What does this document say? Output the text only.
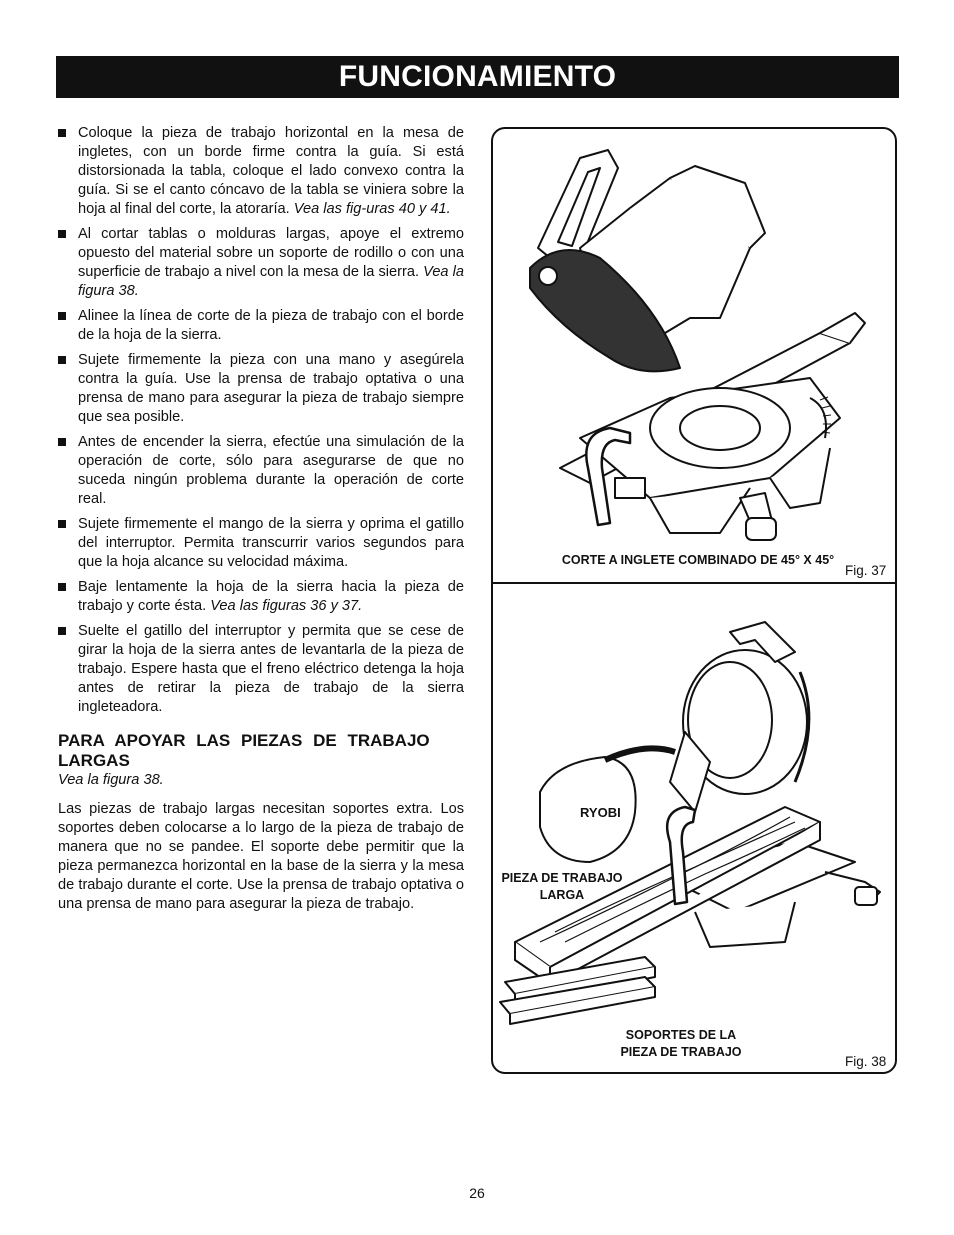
FUNCIONAMIENTO
Coloque la pieza de trabajo horizontal en la mesa de ingletes, con un borde firme contra la guía. Si está distorsionada la tabla, coloque el lado convexo contra la guía. Si se el canto cóncavo de la tabla se viniera sobre la hoja al final del corte, la atoraría. Vea las fig-uras 40 y 41.
Al cortar tablas o molduras largas, apoye el extremo opuesto del material sobre un soporte de rodillo o con una superficie de trabajo a nivel con la mesa de la sierra. Vea la figura 38.
Alinee la línea de corte de la pieza de trabajo con el borde de la hoja de la sierra.
Sujete firmemente la pieza con una mano y asegúrela contra la guía. Use la prensa de trabajo optativa o una prensa de mano para asegurar la pieza de trabajo siempre que sea posible.
Antes de encender la sierra, efectúe una simulación de la operación de corte, sólo para asegurarse de que no suceda ningún problema durante la operación de corte real.
Sujete firmemente el mango de la sierra y oprima el gatillo del interruptor. Permita transcurrir varios segundos para que la hoja alcance su velocidad máxima.
Baje lentamente la hoja de la sierra hacia la pieza de trabajo y corte ésta. Vea las figuras 36 y 37.
Suelte el gatillo del interruptor y permita que se cese de girar la hoja de la sierra antes de levantarla de la pieza de trabajo. Espere hasta que el freno eléctrico detenga la hoja antes de retirar la pieza de trabajo de la sierra ingleteadora.
PARA APOYAR LAS PIEZAS DE TRABAJO LARGAS
Vea la figura 38.

Las piezas de trabajo largas necesitan soportes extra. Los soportes deben colocarse a lo largo de la pieza de trabajo de manera que no se pandee. El soporte debe permitir que la pieza permanezca horizontal en la base de la sierra y la mesa de trabajo durante el corte. Use la prensa de trabajo optativa o una prensa de mano para asegurar la pieza de trabajo.

CORTE A INGLETE COMBINADO DE 45° X 45°
Fig. 37
RYOBI
PIEZA DE TRABAJO
LARGA
SOPORTES DE LA
PIEZA DE TRABAJO
Fig. 38
26
